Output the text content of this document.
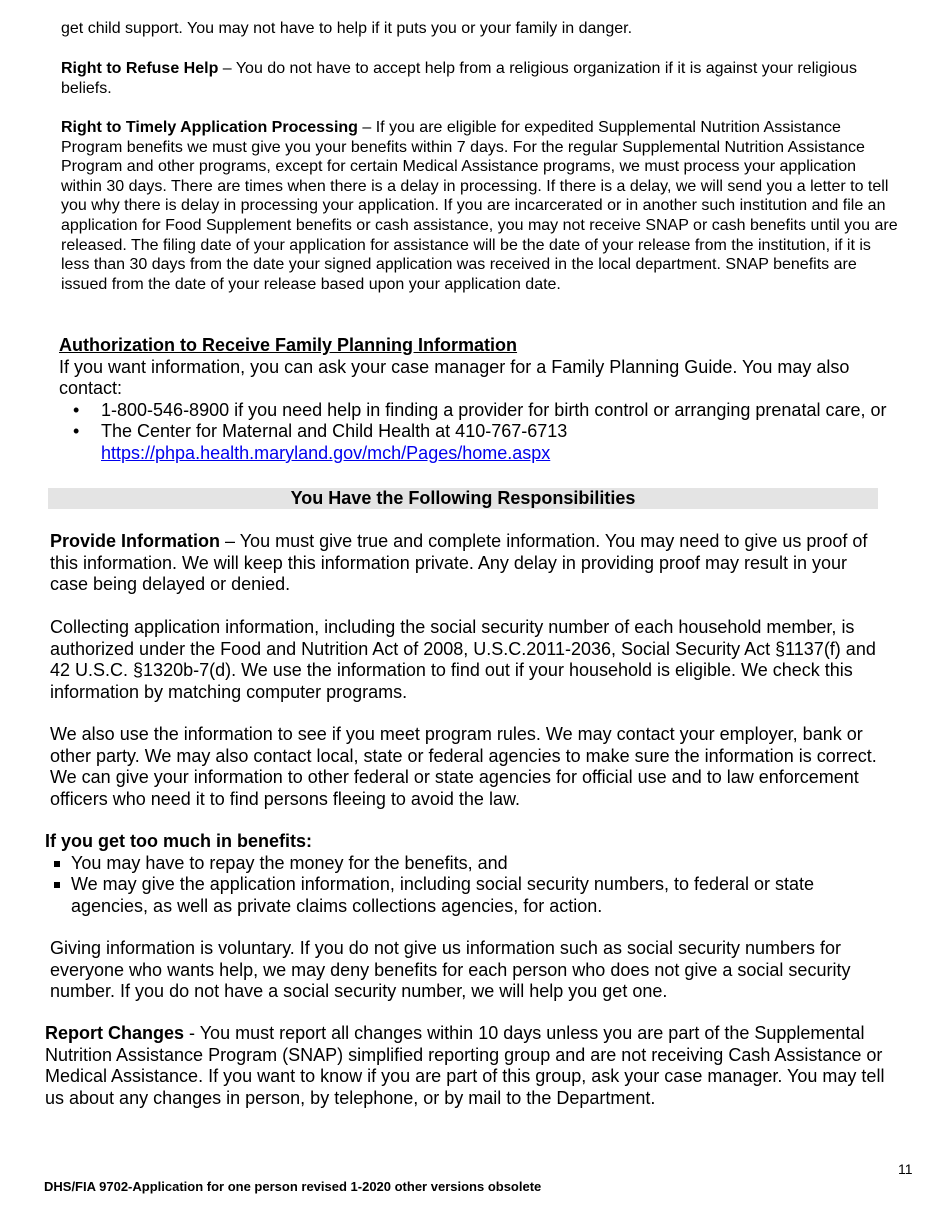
get child support. You may not have to help if it puts you or your family in danger.
Right to Refuse Help – You do not have to accept help from a religious organization if it is against your religious beliefs.
Right to Timely Application Processing – If you are eligible for expedited Supplemental Nutrition Assistance Program benefits we must give you your benefits within 7 days. For the regular Supplemental Nutrition Assistance Program and other programs, except for certain Medical Assistance programs, we must process your application within 30 days. There are times when there is a delay in processing. If there is a delay, we will send you a letter to tell you why there is delay in processing your application. If you are incarcerated or in another such institution and file an application for Food Supplement benefits or cash assistance, you may not receive SNAP or cash benefits until you are released. The filing date of your application for assistance will be the date of your release from the institution, if it is less than 30 days from the date your signed application was received in the local department. SNAP benefits are issued from the date of your release based upon your application date.
Authorization to Receive Family Planning Information
If you want information, you can ask your case manager for a Family Planning Guide. You may also contact:
• 1-800-546-8900 if you need help in finding a provider for birth control or arranging prenatal care, or
• The Center for Maternal and Child Health at 410-767-6713
https://phpa.health.maryland.gov/mch/Pages/home.aspx
You Have the Following Responsibilities
Provide Information – You must give true and complete information. You may need to give us proof of this information. We will keep this information private. Any delay in providing proof may result in your case being delayed or denied.
Collecting application information, including the social security number of each household member, is authorized under the Food and Nutrition Act of 2008, U.S.C.2011-2036, Social Security Act §1137(f) and 42 U.S.C. §1320b-7(d). We use the information to find out if your household is eligible. We check this information by matching computer programs.
We also use the information to see if you meet program rules. We may contact your employer, bank or other party. We may also contact local, state or federal agencies to make sure the information is correct. We can give your information to other federal or state agencies for official use and to law enforcement officers who need it to find persons fleeing to avoid the law.
If you get too much in benefits:
You may have to repay the money for the benefits, and
We may give the application information, including social security numbers, to federal or state agencies, as well as private claims collections agencies, for action.
Giving information is voluntary. If you do not give us information such as social security numbers for everyone who wants help, we may deny benefits for each person who does not give a social security number. If you do not have a social security number, we will help you get one.
Report Changes - You must report all changes within 10 days unless you are part of the Supplemental Nutrition Assistance Program (SNAP) simplified reporting group and are not receiving Cash Assistance or Medical Assistance. If you want to know if you are part of this group, ask your case manager. You may tell us about any changes in person, by telephone, or by mail to the Department.
11
DHS/FIA 9702-Application for one person revised 1-2020 other versions obsolete
